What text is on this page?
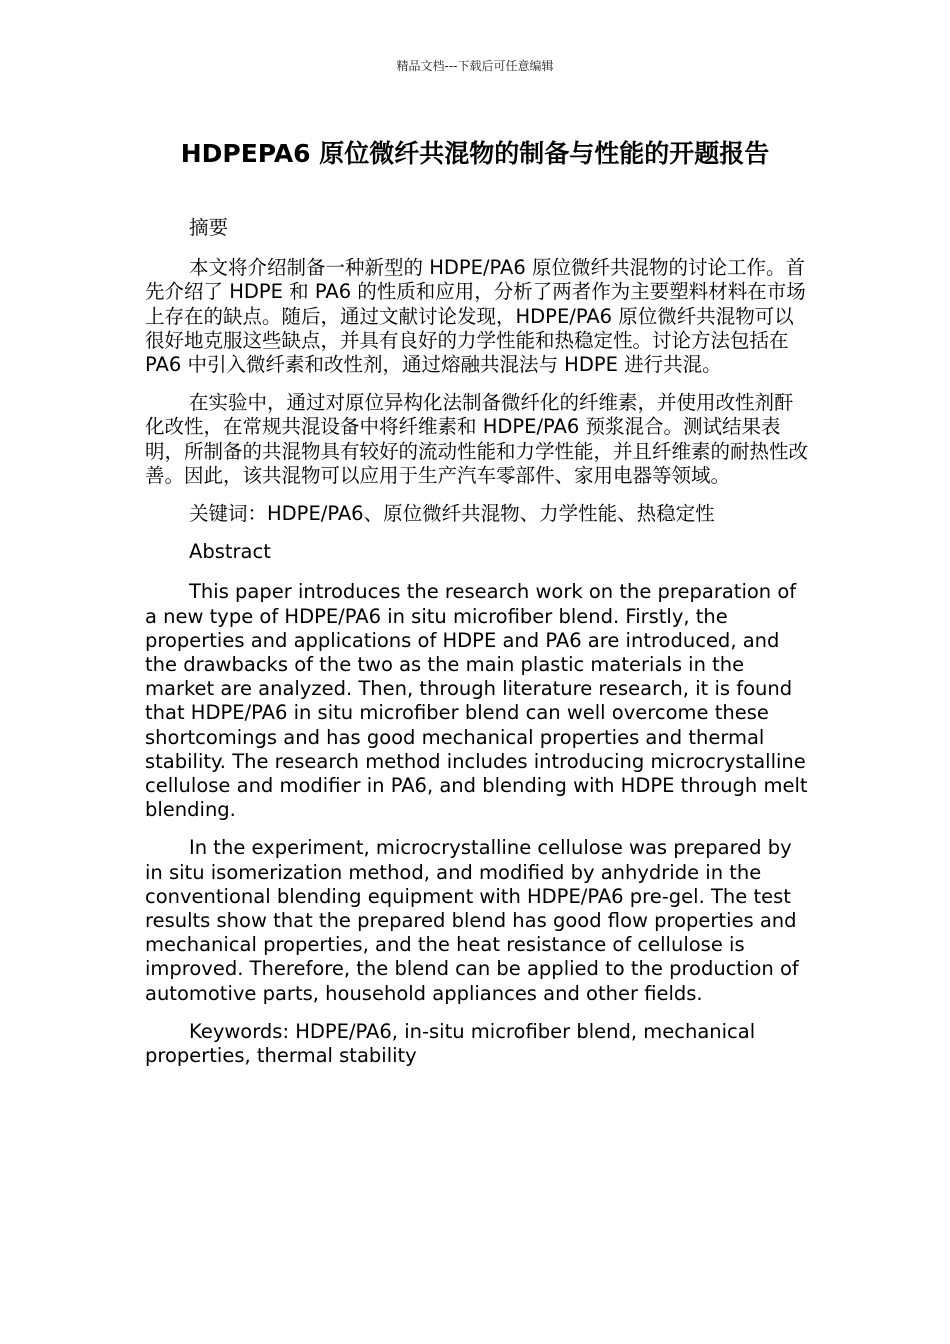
精品文档---下载后可任意编辑
HDPEPA6 原位微纤共混物的制备与性能的开题报告

摘要

本文将介绍制备一种新型的 HDPE/PA6 原位微纤共混物的讨论工作。首先介绍了 HDPE 和 PA6 的性质和应用，分析了两者作为主要塑料材料在市场上存在的缺点。随后，通过文献讨论发现，HDPE/PA6 原位微纤共混物可以很好地克服这些缺点，并具有良好的力学性能和热稳定性。讨论方法包括在 PA6 中引入微纤素和改性剂，通过熔融共混法与 HDPE 进行共混。

在实验中，通过对原位异构化法制备微纤化的纤维素，并使用改性剂酐化改性，在常规共混设备中将纤维素和 HDPE/PA6 预浆混合。测试结果表明，所制备的共混物具有较好的流动性能和力学性能，并且纤维素的耐热性改善。因此，该共混物可以应用于生产汽车零部件、家用电器等领域。

关键词：HDPE/PA6、原位微纤共混物、力学性能、热稳定性

Abstract

This paper introduces the research work on the preparation of a new type of HDPE/PA6 in situ microfiber blend. Firstly, the properties and applications of HDPE and PA6 are introduced, and the drawbacks of the two as the main plastic materials in the market are analyzed. Then, through literature research, it is found that HDPE/PA6 in situ microfiber blend can well overcome these shortcomings and has good mechanical properties and thermal stability. The research method includes introducing microcrystalline cellulose and modifier in PA6, and blending with HDPE through melt blending.

In the experiment, microcrystalline cellulose was prepared by in situ isomerization method, and modified by anhydride in the conventional blending equipment with HDPE/PA6 pre-gel. The test results show that the prepared blend has good flow properties and mechanical properties, and the heat resistance of cellulose is improved. Therefore, the blend can be applied to the production of automotive parts, household appliances and other fields.

Keywords: HDPE/PA6, in-situ microfiber blend, mechanical properties, thermal stability
